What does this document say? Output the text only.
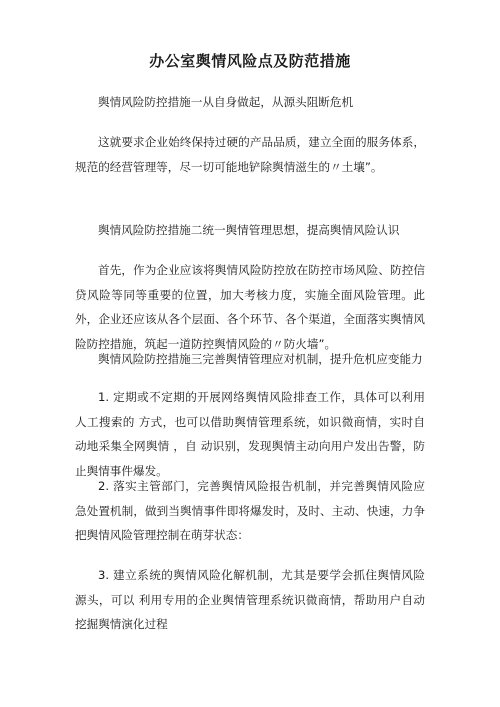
办公室舆情风险点及防范措施

舆情风险防控措施一从自身做起，从源头阻断危机

这就要求企业始终保持过硬的产品品质，建立全面的服务体系，规范的经营管理等，尽一切可能地铲除舆情滋生的〃土壤”。

舆情风险防控措施二统一舆情管理思想，提高舆情风险认识

首先，作为企业应该将舆情风险防控放在防控市场风险、防控信贷风险等同等重要的位置，加大考核力度，实施全面风险管理。此外，企业还应该从各个层面、各个环节、各个渠道，全面落实舆情风险防控措施，筑起一道防控舆情风险的〃防火墙”。

舆情风险防控措施三完善舆情管理应对机制，提升危机应变能力

1. 定期或不定期的开展网络舆情风险排查工作，具体可以利用人工搜索的 方式，也可以借助舆情管理系统，如识微商情，实时自动地采集全网舆情 ，自 动识别，发现舆情主动向用户发出告警，防止舆情事件爆发。

2. 落实主管部门，完善舆情风险报告机制，并完善舆情风险应急处置机制，做到当舆情事件即将爆发时，及时、主动、快速，力争把舆情风险管理控制在萌芽状态：

3. 建立系统的舆情风险化解机制，尤其是要学会抓住舆情风险源头，可以 利用专用的企业舆情管理系统识微商情，帮助用户自动挖掘舆情演化过程
